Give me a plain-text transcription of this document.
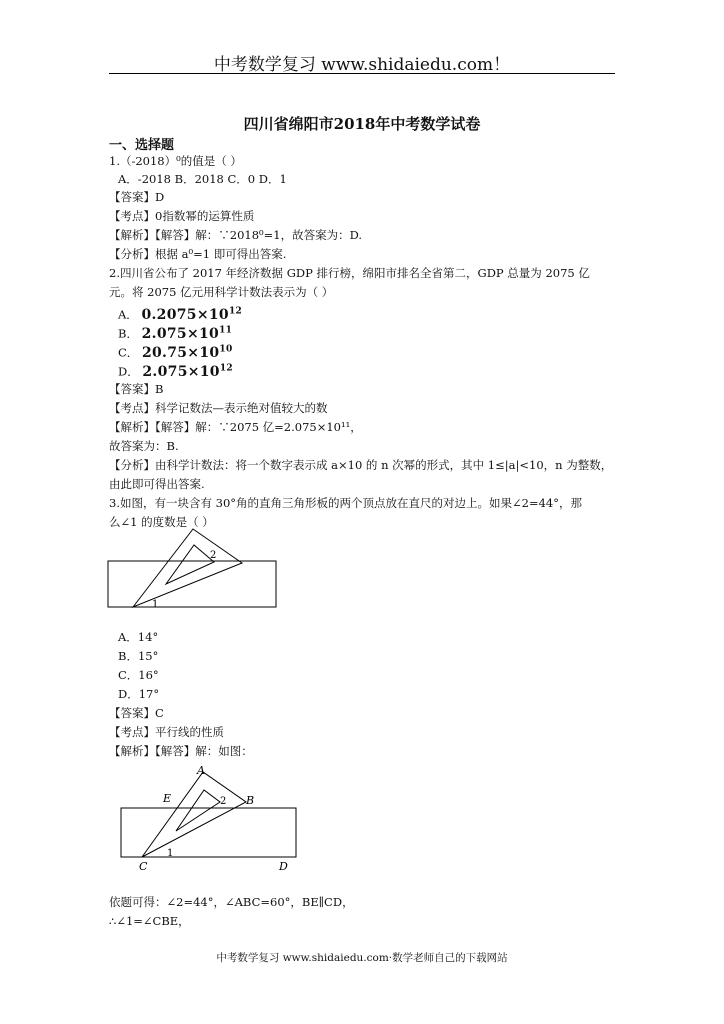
中考数学复习 www.shidaiedu.com！
四川省绵阳市2018年中考数学试卷
一、选择题
1.（-2018）⁰的值是（ ）
A．-2018 B．2018 C．0 D．1
【答案】D
【考点】0指数幂的运算性质
【解析】【解答】解：∵2018⁰=1，故答案为：D.
【分析】根据 a⁰=1 即可得出答案.
2.四川省公布了 2017 年经济数据 GDP 排行榜，绵阳市排名全省第二，GDP 总量为 2075 亿
元。将 2075 亿元用科学计数法表示为（ ）
A． $0.2075\times 10^{12}$
B． $2.075\times 10^{11}$
C． $20.75\times 10^{10}$
D． $2.075\times 10^{12}$
【答案】B
【考点】科学记数法—表示绝对值较大的数
【解析】【解答】解：∵2075 亿=2.075×10¹¹，
故答案为：B.
【分析】由科学计数法：将一个数字表示成 a×10 的 n 次幂的形式，其中 1≤|a|<10，n 为整数，
由此即可得出答案.
3.如图，有一块含有 30°角的直角三角形板的两个顶点放在直尺的对边上。如果∠2=44°，那
么∠1 的度数是（ ）
1
2
A．14°
B．15°
C．16°
D．17°
【答案】C
【考点】平行线的性质
【解析】【解答】解：如图：
A
B
C	D
E
1
2
依题可得：∠2=44°，∠ABC=60°，BE∥CD，
∴∠1=∠CBE，
中考数学复习 www.shidaiedu.com·数学老师自己的下载网站
